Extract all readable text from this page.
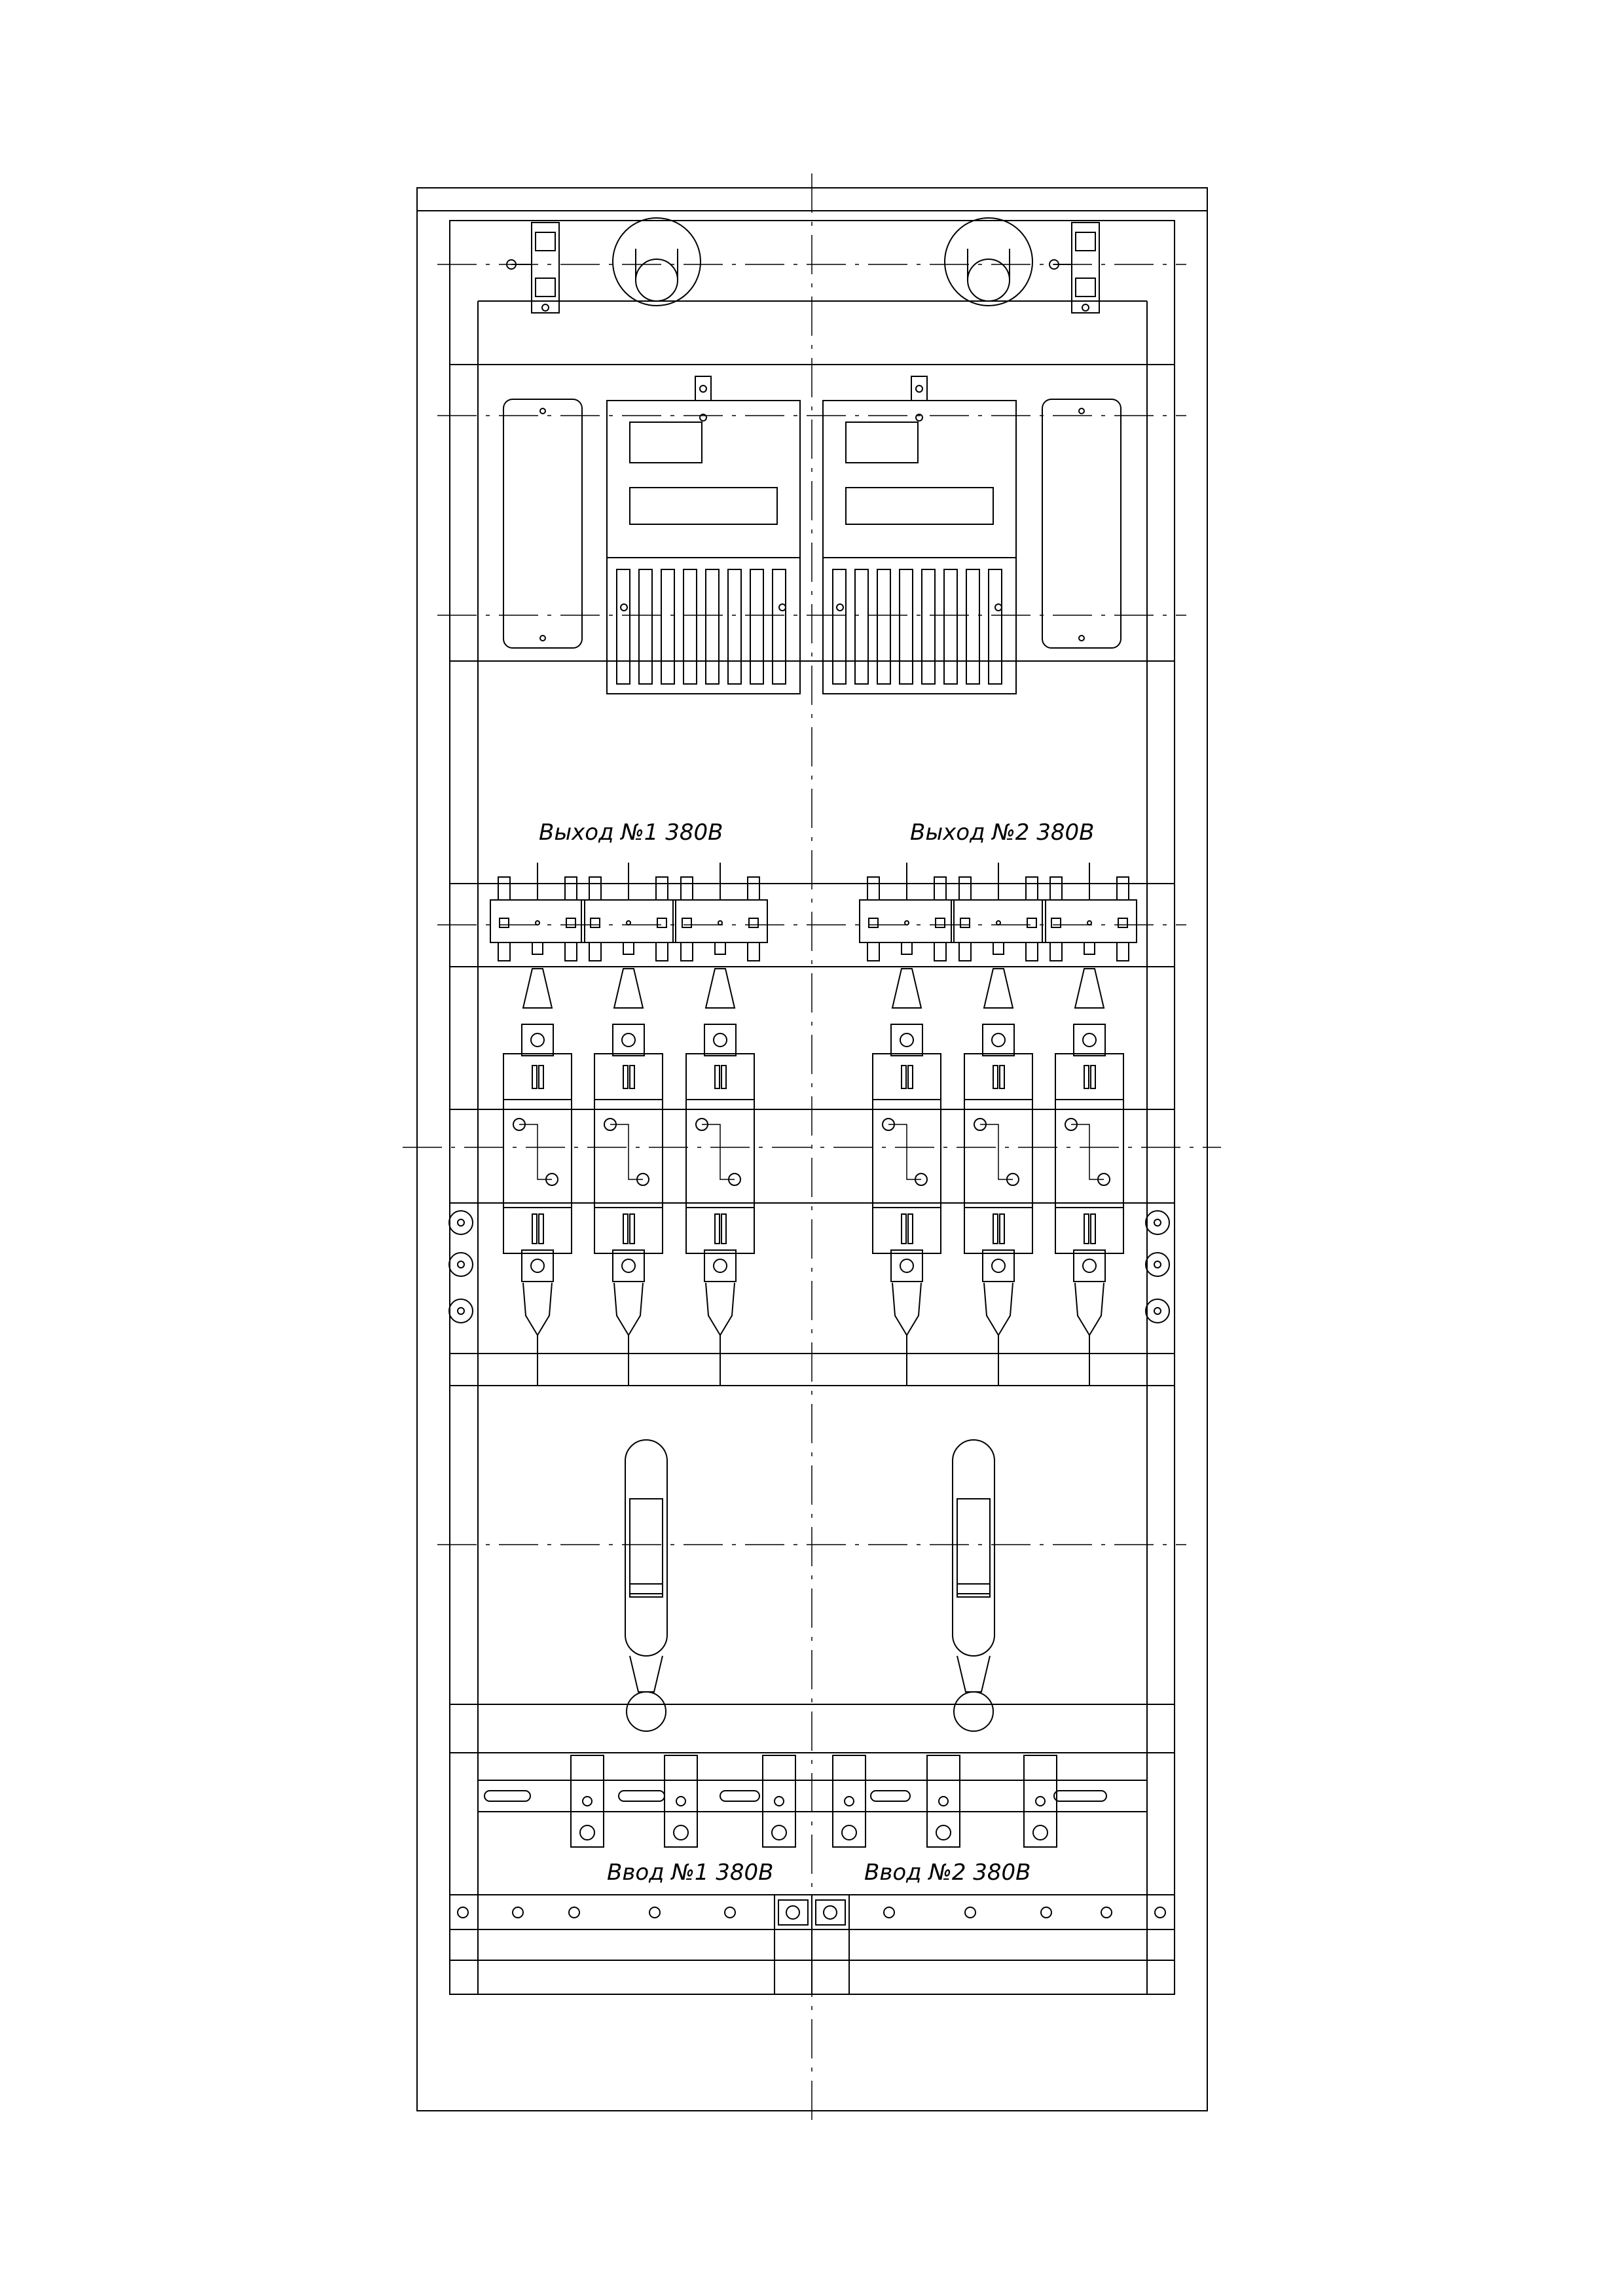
Выход №1 380В	Выход №2 380В
Ввод №1 380В	Ввод №2 380В
